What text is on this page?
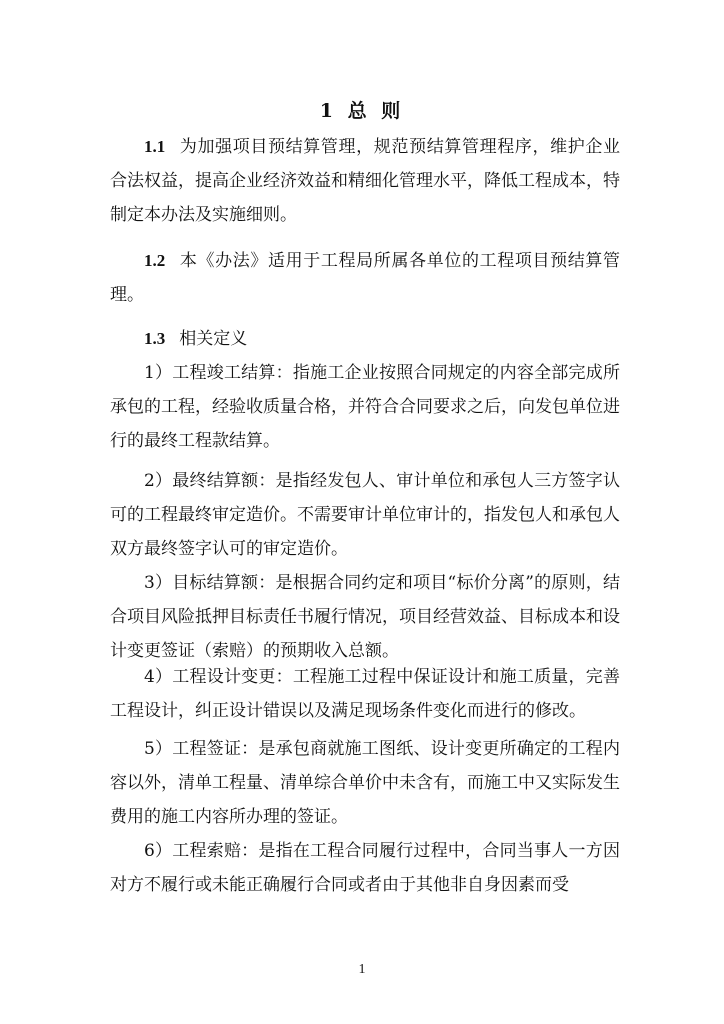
1 总 则

1.1 为加强项目预结算管理，规范预结算管理程序，维护企业合法权益，提高企业经济效益和精细化管理水平，降低工程成本，特制定本办法及实施细则。

1.2 本《办法》适用于工程局所属各单位的工程项目预结算管理。

1.3 相关定义

1）工程竣工结算：指施工企业按照合同规定的内容全部完成所承包的工程，经验收质量合格，并符合合同要求之后，向发包单位进行的最终工程款结算。

2）最终结算额：是指经发包人、审计单位和承包人三方签字认可的工程最终审定造价。不需要审计单位审计的，指发包人和承包人双方最终签字认可的审定造价。

3）目标结算额：是根据合同约定和项目“标价分离”的原则，结合项目风险抵押目标责任书履行情况，项目经营效益、目标成本和设计变更签证（索赔）的预期收入总额。

4）工程设计变更：工程施工过程中保证设计和施工质量，完善工程设计，纠正设计错误以及满足现场条件变化而进行的修改。

5）工程签证：是承包商就施工图纸、设计变更所确定的工程内容以外，清单工程量、清单综合单价中未含有，而施工中又实际发生费用的施工内容所办理的签证。

6）工程索赔：是指在工程合同履行过程中，合同当事人一方因对方不履行或未能正确履行合同或者由于其他非自身因素而受

1
